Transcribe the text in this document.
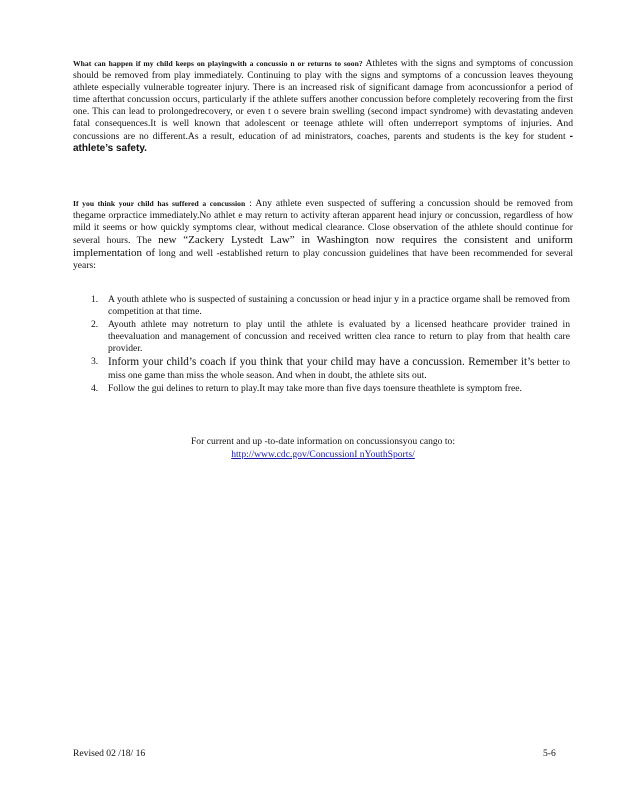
What can happen if my child keeps on playingwith a concussio n or returns to soon? Athletes with the signs and symptoms of concussion should be removed from play immediately. Continuing to play with the signs and symptoms of a concussion leaves theyoung athlete especially vulnerable togreater injury. There is an increased risk of significant damage from aconcussionfor a period of time afterthat concussion occurs, particularly if the athlete suffers another concussion before completely recovering from the first one. This can lead to prolongedrecovery, or even t o severe brain swelling (second impact syndrome) with devastating andeven fatal consequences.It is well known that adolescent or teenage athlete will often underreport symptoms of injuries. And concussions are no different.As a result, education of ad ministrators, coaches, parents and students is the key for student -athlete’s safety.

If you think your child has suffered a concussion : Any athlete even suspected of suffering a concussion should be removed from thegame orpractice immediately.No athlet e may return to activity afteran apparent head injury or concussion, regardless of how mild it seems or how quickly symptoms clear, without medical clearance. Close observation of the athlete should continue for several hours. The new “Zackery Lystedt Law” in Washington now requires the consistent and uniform implementation of long and well -established return to play concussion guidelines that have been recommended for several years:

1. A youth athlete who is suspected of sustaining a concussion or head injur y in a practice orgame shall be removed from competition at that time.
2. Ayouth athlete may notreturn to play until the athlete is evaluated by a licensed heathcare provider trained in theevaluation and management of concussion and received written clea rance to return to play from that health care provider.
3. Inform your child’s coach if you think that your child may have a concussion. Remember it’s better to miss one game than miss the whole season. And when in doubt, the athlete sits out.
4. Follow the gui delines to return to play.It may take more than five days toensure theathlete is symptom free.
For current and up -to-date information on concussionsyou cango to:
http://www.cdc.gov/ConcussionI nYouthSports/
Revised 02 /18/ 16	5-6
